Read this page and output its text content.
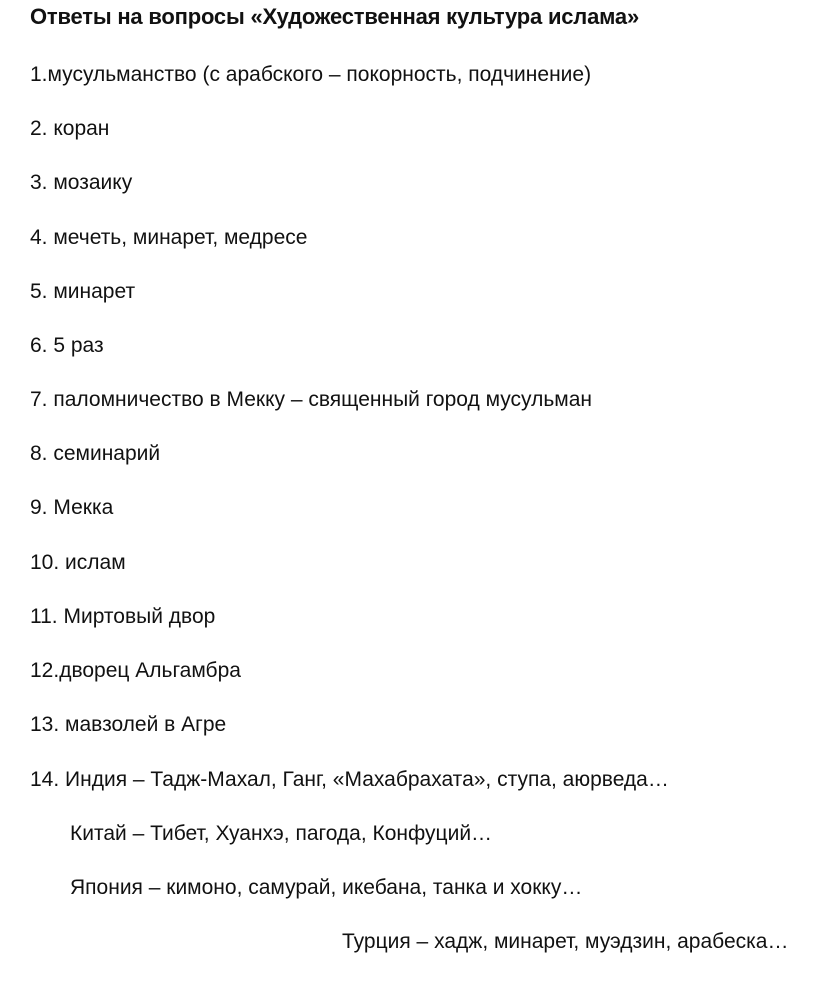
Ответы на вопросы «Художественная культура ислама»
1.мусульманство (с арабского – покорность, подчинение)
2. коран
3. мозаику
4. мечеть, минарет, медресе
5. минарет
6. 5 раз
7. паломничество в Мекку – священный город мусульман
8. семинарий
9. Мекка
10. ислам
11. Миртовый двор
12.дворец Альгамбра
13. мавзолей в Агре
14. Индия – Тадж-Махал, Ганг, «Махабрахата», ступа, аюрведа…
Китай – Тибет, Хуанхэ, пагода, Конфуций…
Япония – кимоно, самурай, икебана, танка и хокку…
Турция – хадж, минарет, муэдзин, арабеска…
